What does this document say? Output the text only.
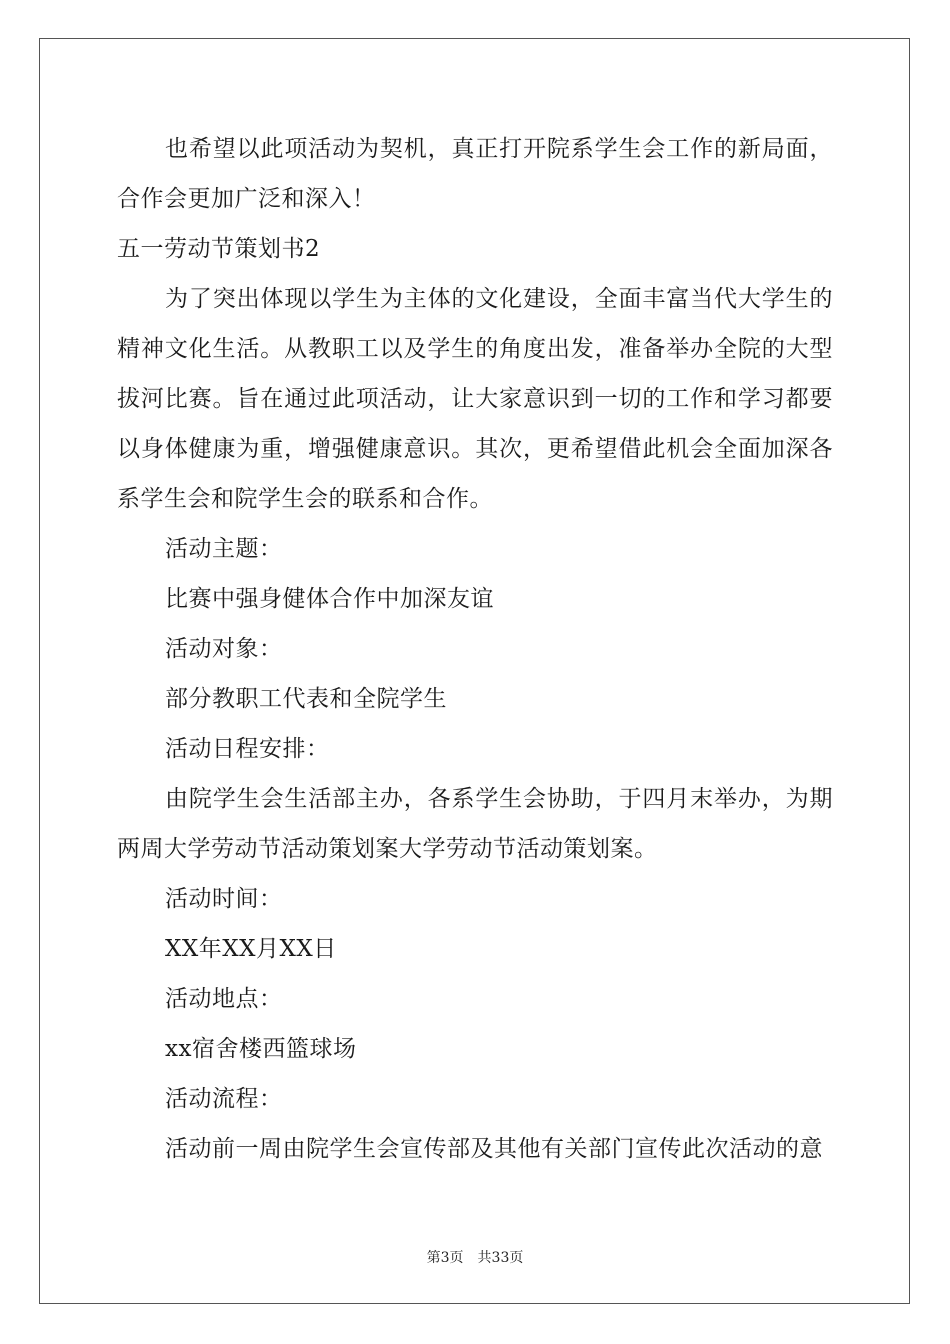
也希望以此项活动为契机，真正打开院系学生会工作的新局面，合作会更加广泛和深入！

五一劳动节策划书2

为了突出体现以学生为主体的文化建设，全面丰富当代大学生的精神文化生活。从教职工以及学生的角度出发，准备举办全院的大型拔河比赛。旨在通过此项活动，让大家意识到一切的工作和学习都要以身体健康为重，增强健康意识。其次，更希望借此机会全面加深各系学生会和院学生会的联系和合作。

活动主题：

比赛中强身健体合作中加深友谊

活动对象：

部分教职工代表和全院学生

活动日程安排：

由院学生会生活部主办，各系学生会协助，于四月末举办，为期两周大学劳动节活动策划案大学劳动节活动策划案。

活动时间：

XX年XX月XX日

活动地点：

xx宿舍楼西篮球场

活动流程：

活动前一周由院学生会宣传部及其他有关部门宣传此次活动的意

第3页 共33页
